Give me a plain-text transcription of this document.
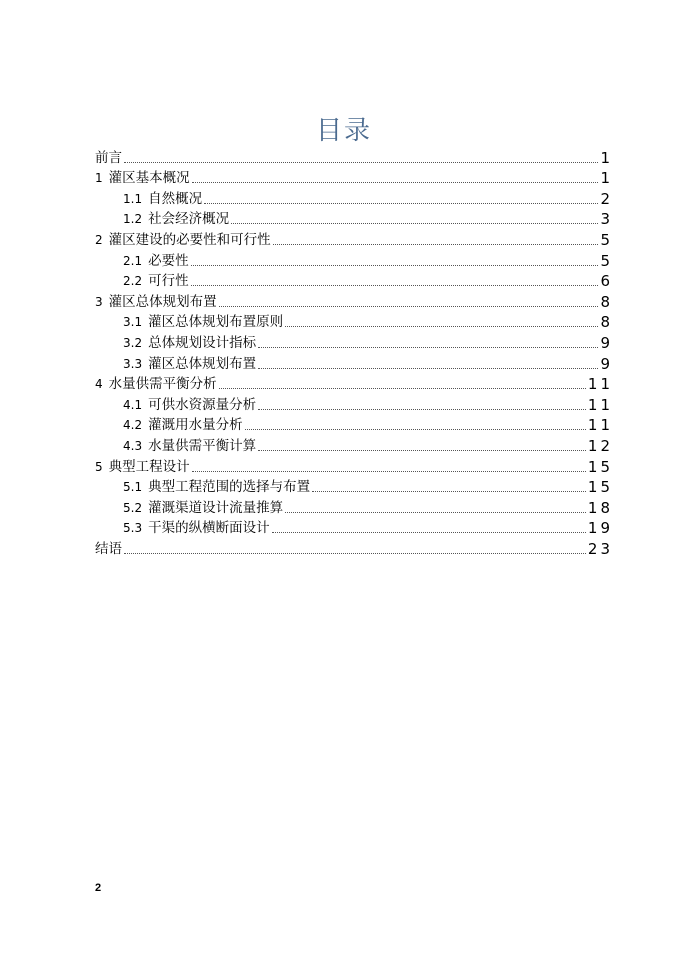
目录
前言	1
1 灌区基本概况	1
1.1 自然概况	2
1.2 社会经济概况	3
2 灌区建设的必要性和可行性	5
2.1 必要性	5
2.2 可行性	6
3 灌区总体规划布置	8
3.1 灌区总体规划布置原则	8
3.2 总体规划设计指标	9
3.3 灌区总体规划布置	9
4 水量供需平衡分析	11
4.1 可供水资源量分析	11
4.2 灌溉用水量分析	11
4.3 水量供需平衡计算	12
5 典型工程设计	15
5.1 典型工程范围的选择与布置	15
5.2 灌溉渠道设计流量推算	18
5.3 干渠的纵横断面设计	19
结语	23
2
